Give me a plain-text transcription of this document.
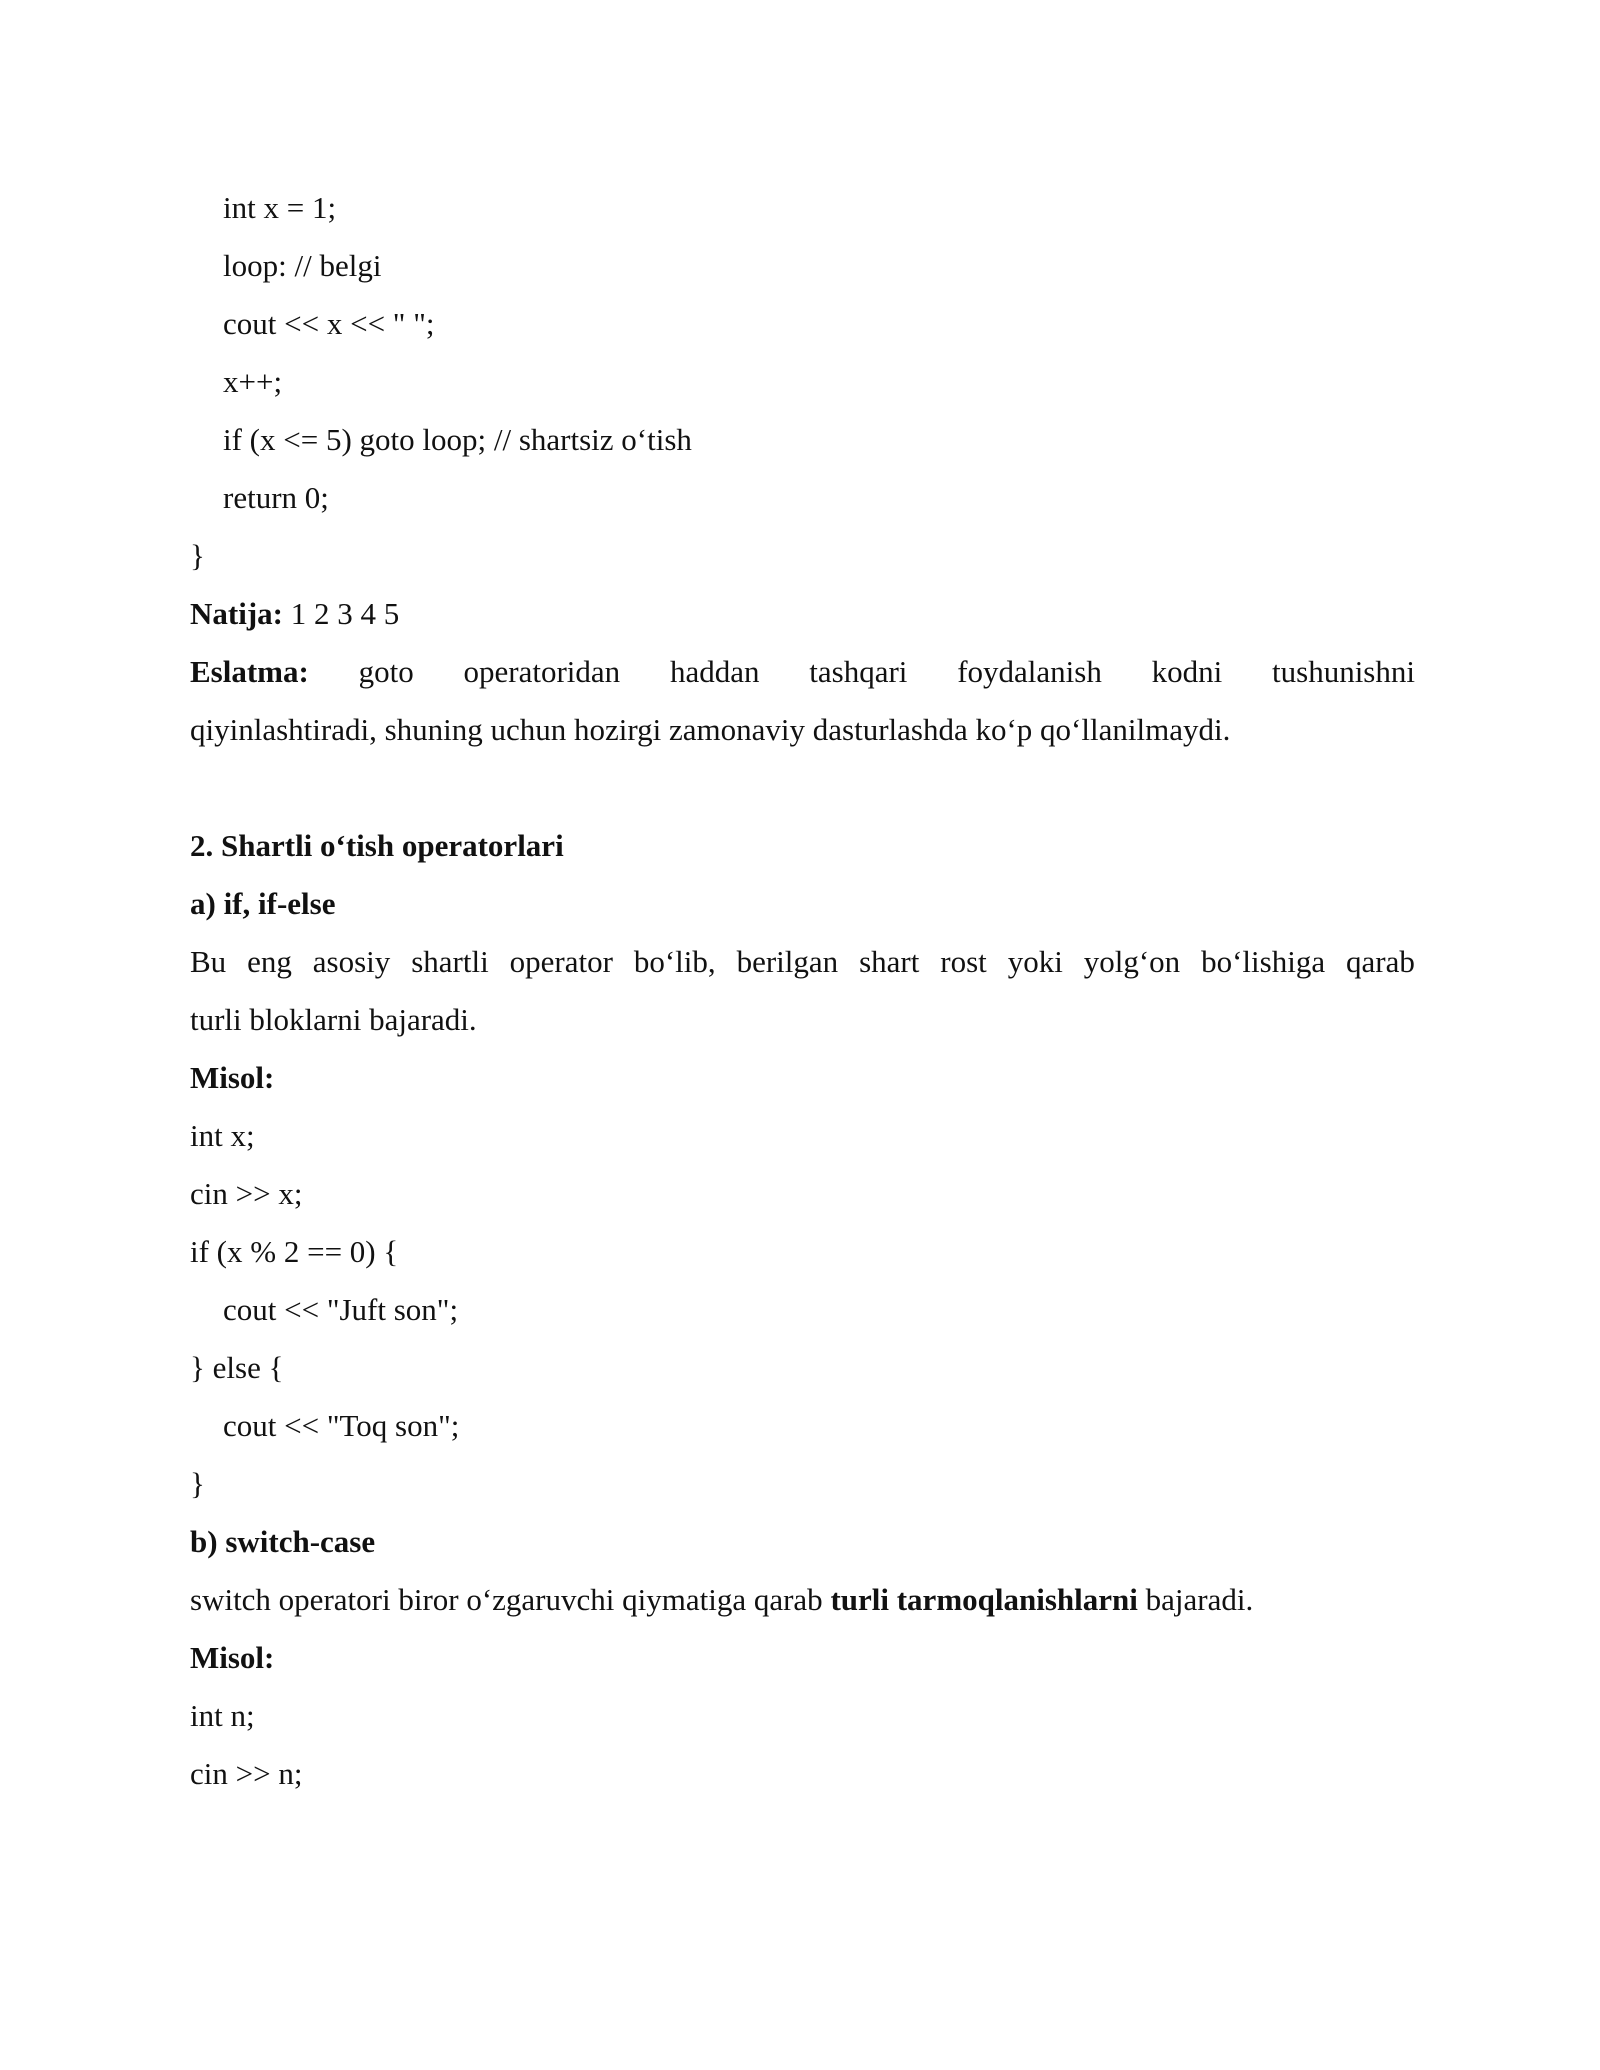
int x = 1;
loop: // belgi
cout << x << " ";
x++;
if (x <= 5) goto loop; // shartsiz o‘tish
return 0;
}
Natija: 1 2 3 4 5
Eslatma: goto operatoridan haddan tashqari foydalanish kodni tushunishni
qiyinlashtiradi, shuning uchun hozirgi zamonaviy dasturlashda ko‘p qo‘llanilmaydi.
2. Shartli o‘tish operatorlari
a) if, if-else
Bu eng asosiy shartli operator bo‘lib, berilgan shart rost yoki yolg‘on bo‘lishiga qarab
turli bloklarni bajaradi.
Misol:
int x;
cin >> x;
if (x % 2 == 0) {
cout << "Juft son";
} else {
cout << "Toq son";
}
b) switch-case
switch operatori biror o‘zgaruvchi qiymatiga qarab turli tarmoqlanishlarni bajaradi.
Misol:
int n;
cin >> n;
